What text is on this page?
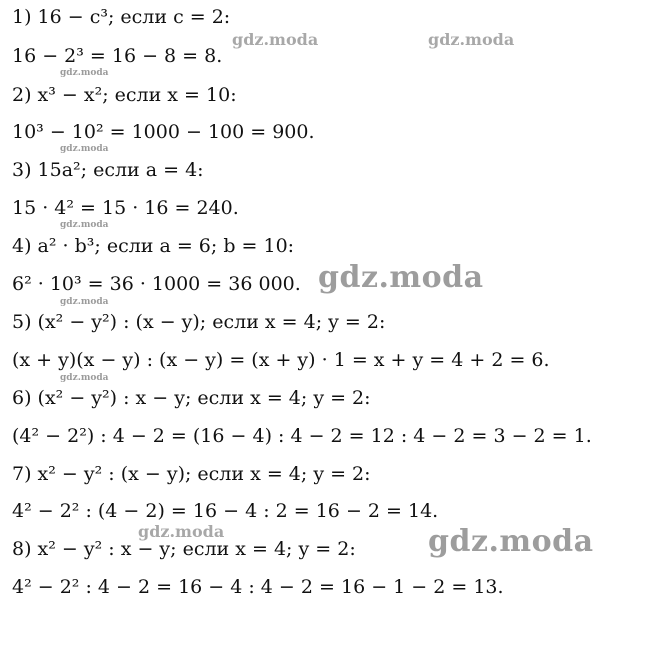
1) 16 − c³; если c = 2:
16 − 2³ = 16 − 8 = 8.
2) x³ − x²; если x = 10:
10³ − 10² = 1000 − 100 = 900.
3) 15a²; если a = 4:
15 · 4² = 15 · 16 = 240.
4) a² · b³; если a = 6; b = 10:
6² · 10³ = 36 · 1000 = 36 000.
5) (x² − y²) : (x − y); если x = 4; y = 2:
(x + y)(x − y) : (x − y) = (x + y) · 1 = x + y = 4 + 2 = 6.
6) (x² − y²) : x − y; если x = 4; y = 2:
(4² − 2²) : 4 − 2 = (16 − 4) : 4 − 2 = 12 : 4 − 2 = 3 − 2 = 1.
7) x² − y² : (x − y); если x = 4; y = 2:
4² − 2² : (4 − 2) = 16 − 4 : 2 = 16 − 2 = 14.
8) x² − y² : x − y; если x = 4; y = 2:
4² − 2² : 4 − 2 = 16 − 4 : 4 − 2 = 16 − 1 − 2 = 13.
gdz.moda	gdz.moda
gdz.moda
gdz.moda
gdz.moda
gdz.moda
gdz.moda
gdz.moda
gdz.moda	gdz.moda
